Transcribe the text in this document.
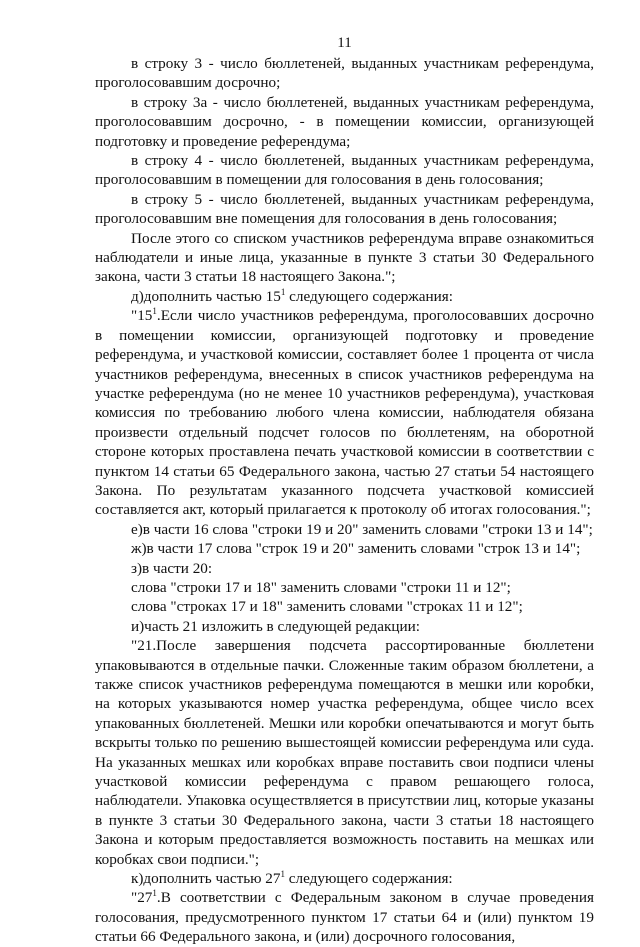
11

в строку 3 - число бюллетеней, выданных участникам референдума, проголосовавшим досрочно;

в строку 3а - число бюллетеней, выданных участникам референдума, проголосовавшим досрочно, - в помещении комиссии, организующей подготовку и проведение референдума;

в строку 4 - число бюллетеней, выданных участникам референдума, проголосовавшим в помещении для голосования в день голосования;

в строку 5 - число бюллетеней, выданных участникам референдума, проголосовавшим вне помещения для голосования в день голосования;

После этого со списком участников референдума вправе ознакомиться наблюдатели и иные лица, указанные в пункте 3 статьи 30 Федерального закона, части 3 статьи 18 настоящего Закона.";

д)дополнить частью $15^1$ следующего содержания:

"$15^1.Если$ число участников референдума, проголосовавших досрочно в помещении комиссии, организующей подготовку и проведение референдума, и участковой комиссии, составляет более 1 процента от числа участников референдума, внесенных в список участников референдума на участке референдума (но не менее 10 участников референдума), участковая комиссия по требованию любого члена комиссии, наблюдателя обязана произвести отдельный подсчет голосов по бюллетеням, на оборотной стороне которых проставлена печать участковой комиссии в соответствии с пунктом 14 статьи 65 Федерального закона, частью 27 статьи 54 настоящего Закона. По результатам указанного подсчета участковой комиссией составляется акт, который прилагается к протоколу об итогах голосования.";

е)в части 16 слова "строки 19 и 20" заменить словами "строки 13 и 14";

ж)в части 17 слова "строк 19 и 20" заменить словами "строк 13 и 14";

з)в части 20:

слова "строки 17 и 18" заменить словами "строки 11 и 12";

слова "строках 17 и 18" заменить словами "строках 11 и 12";

и)часть 21 изложить в следующей редакции:

"21.После завершения подсчета рассортированные бюллетени упаковываются в отдельные пачки. Сложенные таким образом бюллетени, а также список участников референдума помещаются в мешки или коробки, на которых указываются номер участка референдума, общее число всех упакованных бюллетеней. Мешки или коробки опечатываются и могут быть вскрыты только по решению вышестоящей комиссии референдума или суда. На указанных мешках или коробках вправе поставить свои подписи члены участковой комиссии референдума с правом решающего голоса, наблюдатели. Упаковка осуществляется в присутствии лиц, которые указаны в пункте 3 статьи 30 Федерального закона, части 3 статьи 18 настоящего Закона и которым предоставляется возможность поставить на мешках или коробках свои подписи.";

к)дополнить частью $27^1$ следующего содержания:

"$27^1.В$ соответствии с Федеральным законом в случае проведения голосования, предусмотренного пунктом 17 статьи 64 и (или) пунктом 19 статьи 66 Федерального закона, и (или) досрочного голосования,
